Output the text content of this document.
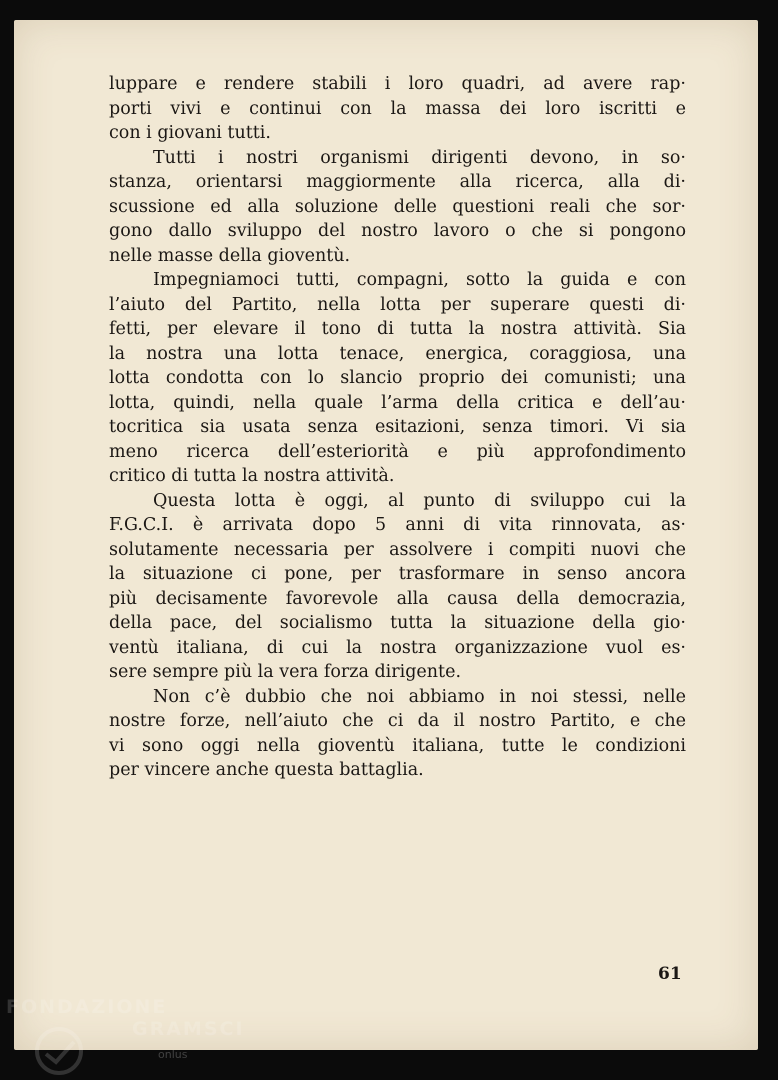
luppare e rendere stabili i loro quadri, ad avere rap·
porti vivi e continui con la massa dei loro iscritti e
con i giovani tutti.
Tutti i nostri organismi dirigenti devono, in so·
stanza, orientarsi maggiormente alla ricerca, alla di·
scussione ed alla soluzione delle questioni reali che sor·
gono dallo sviluppo del nostro lavoro o che si pongono
nelle masse della gioventù.
Impegniamoci tutti, compagni, sotto la guida e con
l’aiuto del Partito, nella lotta per superare questi di·
fetti, per elevare il tono di tutta la nostra attività. Sia
la nostra una lotta tenace, energica, coraggiosa, una
lotta condotta con lo slancio proprio dei comunisti; una
lotta, quindi, nella quale l’arma della critica e dell’au·
tocritica sia usata senza esitazioni, senza timori. Vi sia
meno ricerca dell’esteriorità e più approfondimento
critico di tutta la nostra attività.
Questa lotta è oggi, al punto di sviluppo cui la
F.G.C.I. è arrivata dopo 5 anni di vita rinnovata, as·
solutamente necessaria per assolvere i compiti nuovi che
la situazione ci pone, per trasformare in senso ancora
più decisamente favorevole alla causa della democrazia,
della pace, del socialismo tutta la situazione della gio·
ventù italiana, di cui la nostra organizzazione vuol es·
sere sempre più la vera forza dirigente.
Non c’è dubbio che noi abbiamo in noi stessi, nelle
nostre forze, nell’aiuto che ci da il nostro Partito, e che
vi sono oggi nella gioventù italiana, tutte le condizioni
per vincere anche questa battaglia.
61
FONDAZIONE
GRAMSCI
onlus
